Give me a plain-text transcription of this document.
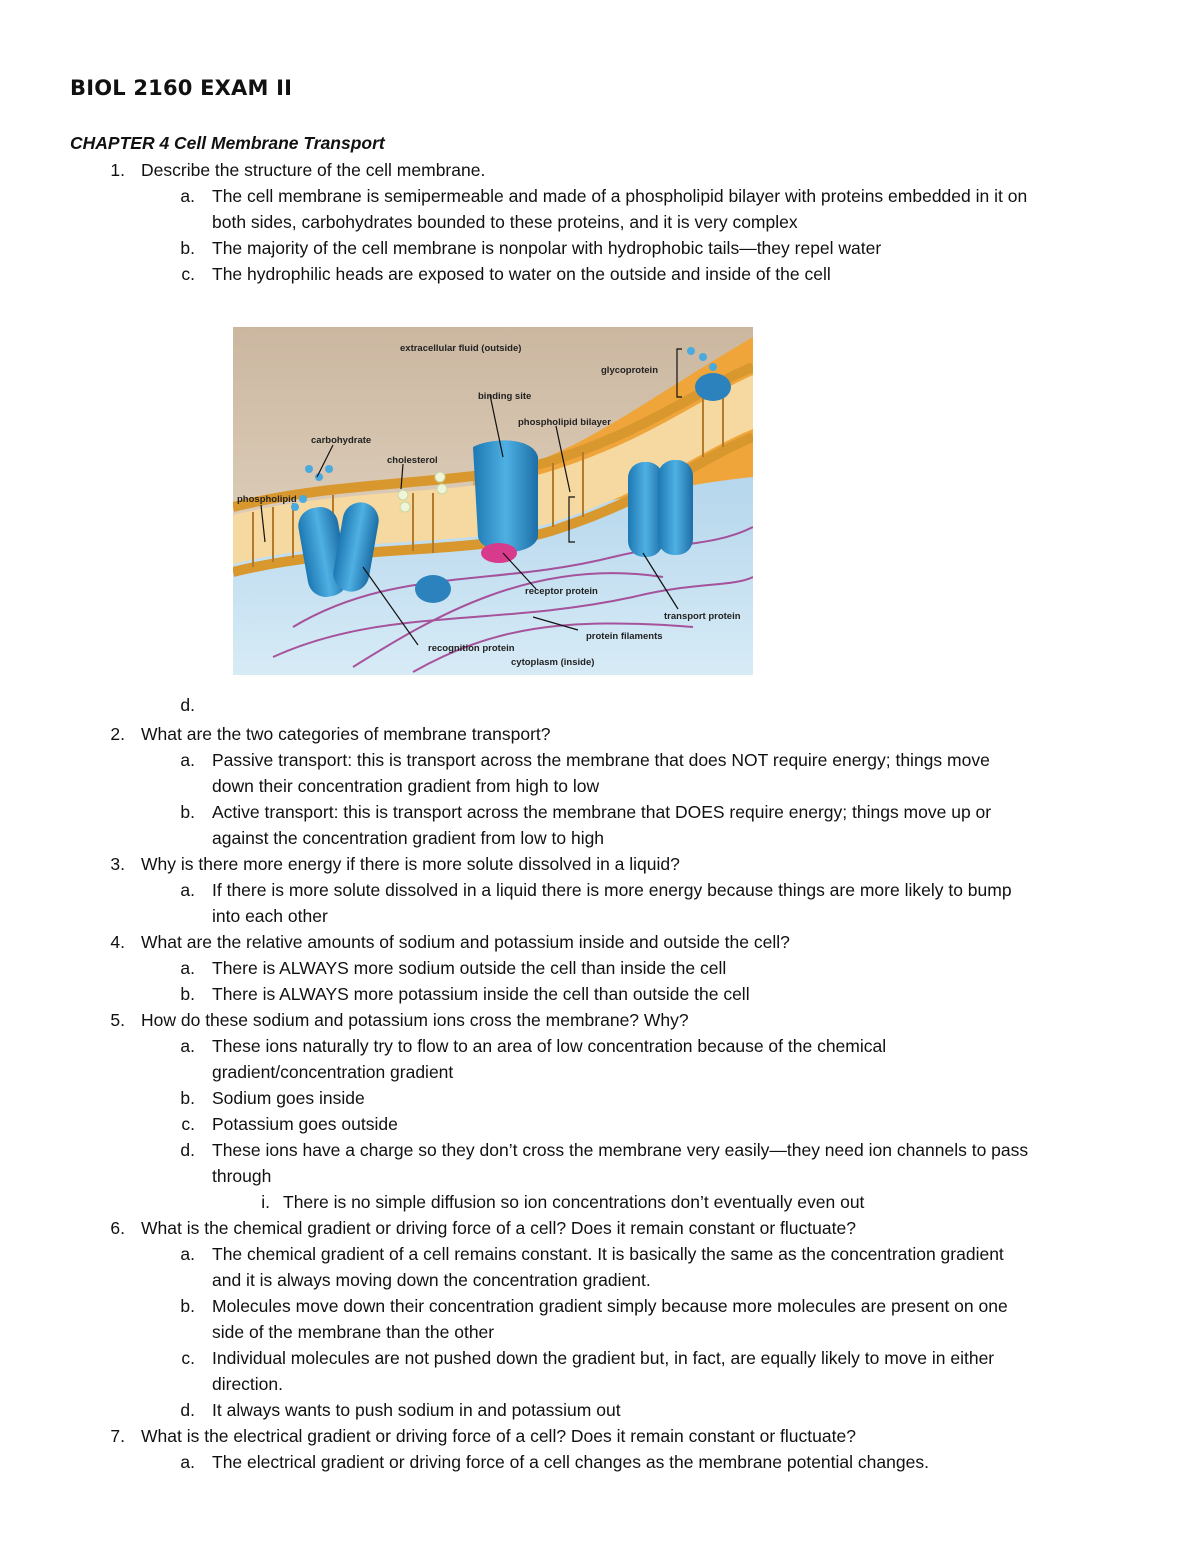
BIOL 2160 EXAM II
CHAPTER 4 Cell Membrane Transport
1. Describe the structure of the cell membrane.
a. The cell membrane is semipermeable and made of a phospholipid bilayer with proteins embedded in it on
both sides, carbohydrates bounded to these proteins, and it is very complex
b. The majority of the cell membrane is nonpolar with hydrophobic tails—they repel water
c. The hydrophilic heads are exposed to water on the outside and inside of the cell
extracellular fluid (outside)
glycoprotein
binding site
phospholipid bilayer
carbohydrate
cholesterol
phospholipid
receptor protein
transport protein
protein filaments
recognition protein
cytoplasm (inside)
d.
2. What are the two categories of membrane transport?
a. Passive transport: this is transport across the membrane that does NOT require energy; things move
down their concentration gradient from high to low
b. Active transport: this is transport across the membrane that DOES require energy; things move up or
against the concentration gradient from low to high
3. Why is there more energy if there is more solute dissolved in a liquid?
a. If there is more solute dissolved in a liquid there is more energy because things are more likely to bump
into each other
4. What are the relative amounts of sodium and potassium inside and outside the cell?
a. There is ALWAYS more sodium outside the cell than inside the cell
b. There is ALWAYS more potassium inside the cell than outside the cell
5. How do these sodium and potassium ions cross the membrane? Why?
a. These ions naturally try to flow to an area of low concentration because of the chemical
gradient/concentration gradient
b. Sodium goes inside
c. Potassium goes outside
d. These ions have a charge so they don’t cross the membrane very easily—they need ion channels to pass
through
i. There is no simple diffusion so ion concentrations don’t eventually even out
6. What is the chemical gradient or driving force of a cell? Does it remain constant or fluctuate?
a. The chemical gradient of a cell remains constant. It is basically the same as the concentration gradient
and it is always moving down the concentration gradient.
b. Molecules move down their concentration gradient simply because more molecules are present on one
side of the membrane than the other
c. Individual molecules are not pushed down the gradient but, in fact, are equally likely to move in either
direction.
d. It always wants to push sodium in and potassium out
7. What is the electrical gradient or driving force of a cell? Does it remain constant or fluctuate?
a. The electrical gradient or driving force of a cell changes as the membrane potential changes.
